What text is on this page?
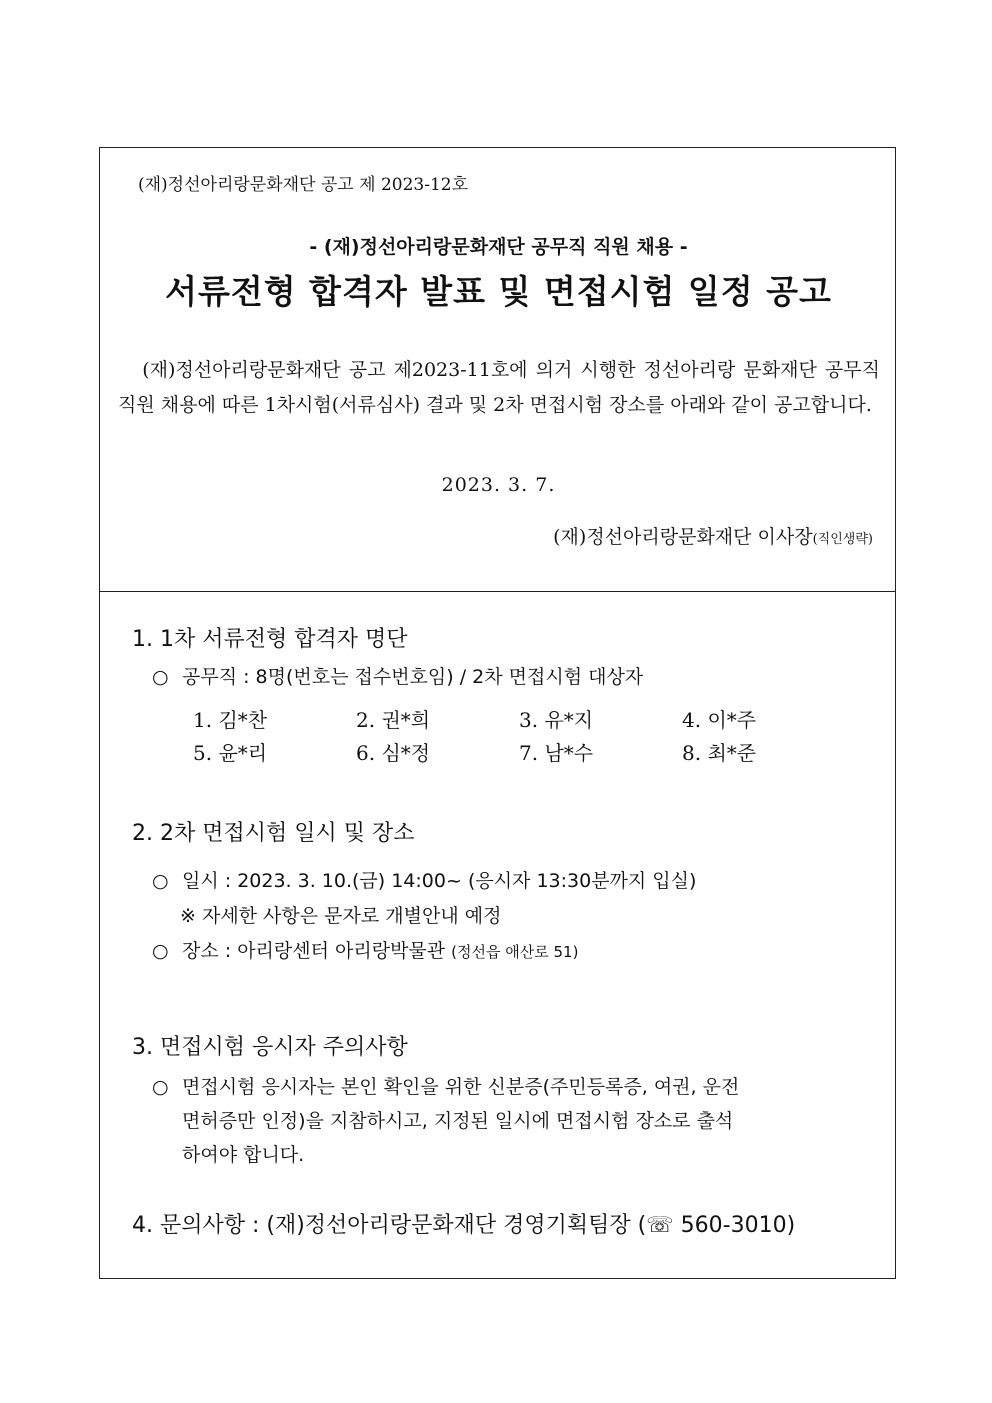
(재)정선아리랑문화재단 공고 제 2023-12호
- (재)정선아리랑문화재단 공무직 직원 채용 -
서류전형 합격자 발표 및 면접시험 일정 공고
(재)정선아리랑문화재단 공고 제2023-11호에 의거 시행한 정선아리랑 문화재단 공무직 직원 채용에 따른 1차시험(서류심사) 결과 및 2차 면접시험 장소를 아래와 같이 공고합니다.
2023. 3. 7.
(재)정선아리랑문화재단 이사장(직인생략)
1. 1차 서류전형 합격자 명단
○ 공무직 : 8명(번호는 접수번호임) / 2차 면접시험 대상자
1. 김*찬	2. 권*희	3. 유*지	4. 이*주
5. 윤*리	6. 심*정	7. 남*수	8. 최*준
2. 2차 면접시험 일시 및 장소
○ 일시 : 2023. 3. 10.(금) 14:00~ (응시자 13:30분까지 입실)
※ 자세한 사항은 문자로 개별안내 예정
○ 장소 : 아리랑센터 아리랑박물관 (정선읍 애산로 51)
3. 면접시험 응시자 주의사항
○ 면접시험 응시자는 본인 확인을 위한 신분증(주민등록증, 여권, 운전
면허증만 인정)을 지참하시고, 지정된 일시에 면접시험 장소로 출석
하여야 합니다.
4. 문의사항 : (재)정선아리랑문화재단 경영기획팀장 (☏ 560-3010)
